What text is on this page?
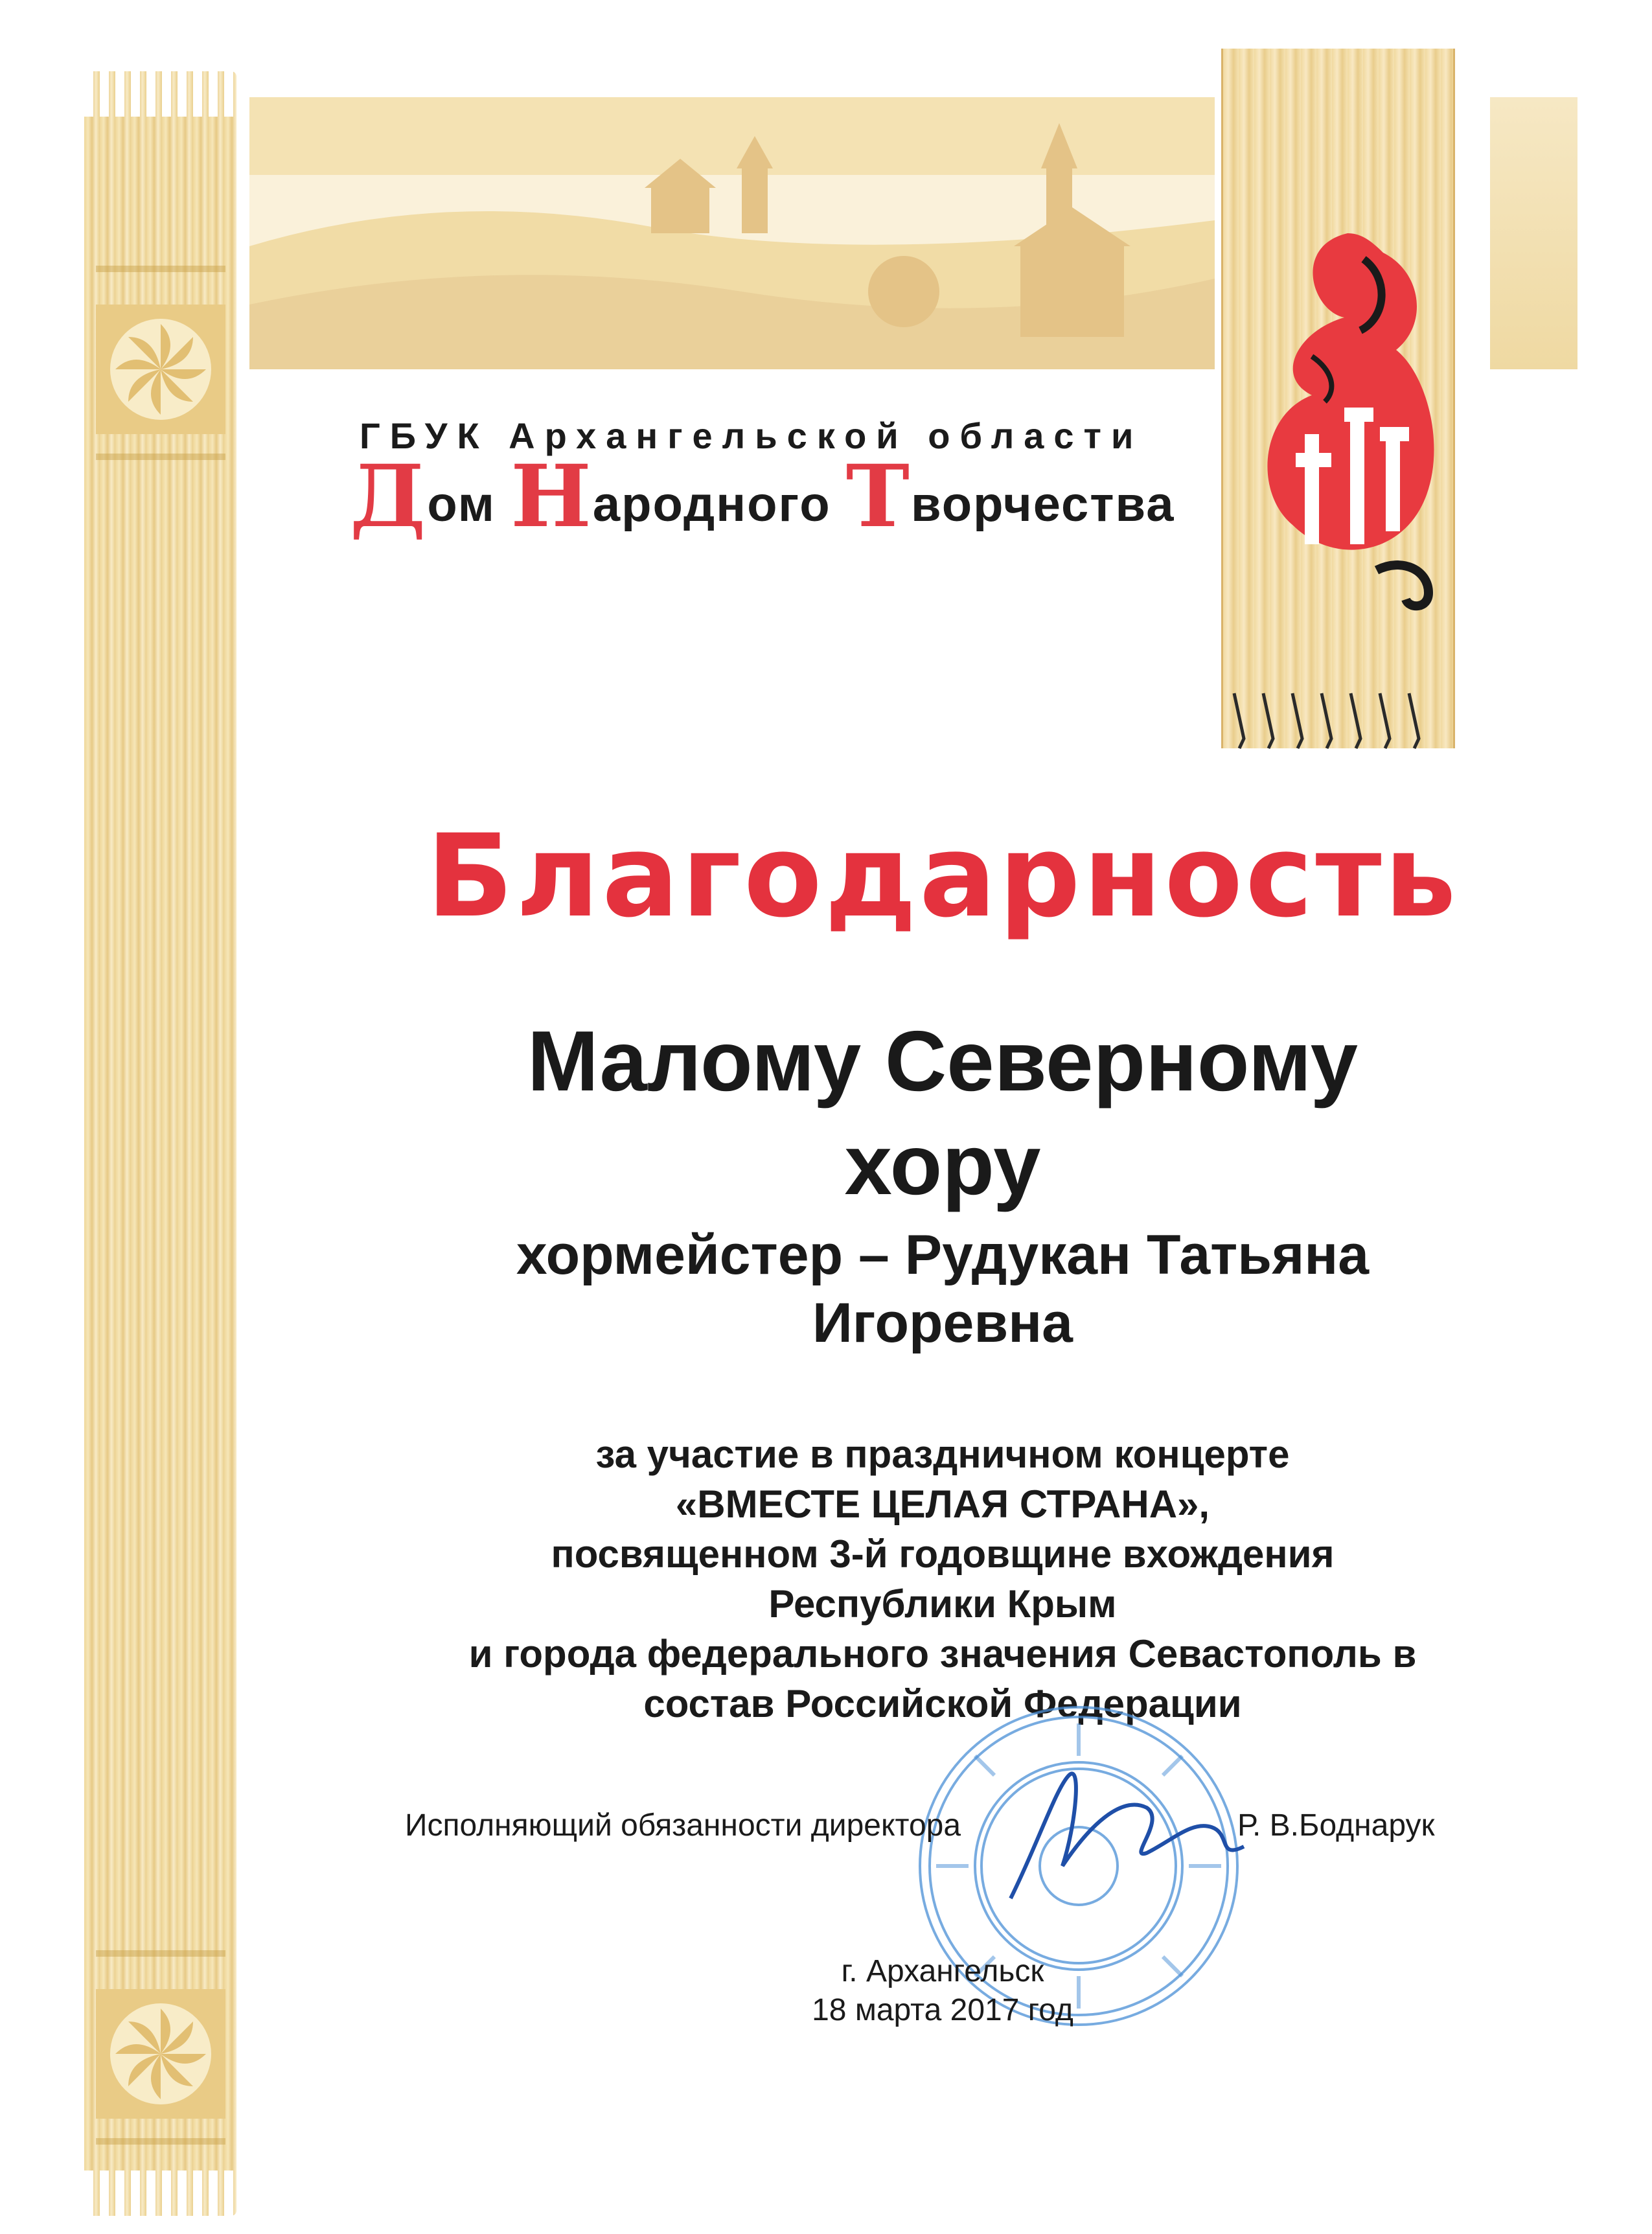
ГБУК Архангельской области
Дом Народного Творчества
Благодарность
Малому Северному
хору
хормейстер – Рудукан Татьяна
Игоревна
за участие в праздничном концерте
«ВМЕСТЕ ЦЕЛАЯ СТРАНА»,
посвященном 3-й годовщине вхождения
Республики Крым
и города федерального значения Севастополь в
состав Российской Федерации
Исполняющий обязанности директора	Р. В.Боднарук
г. Архангельск
18 марта 2017 год
